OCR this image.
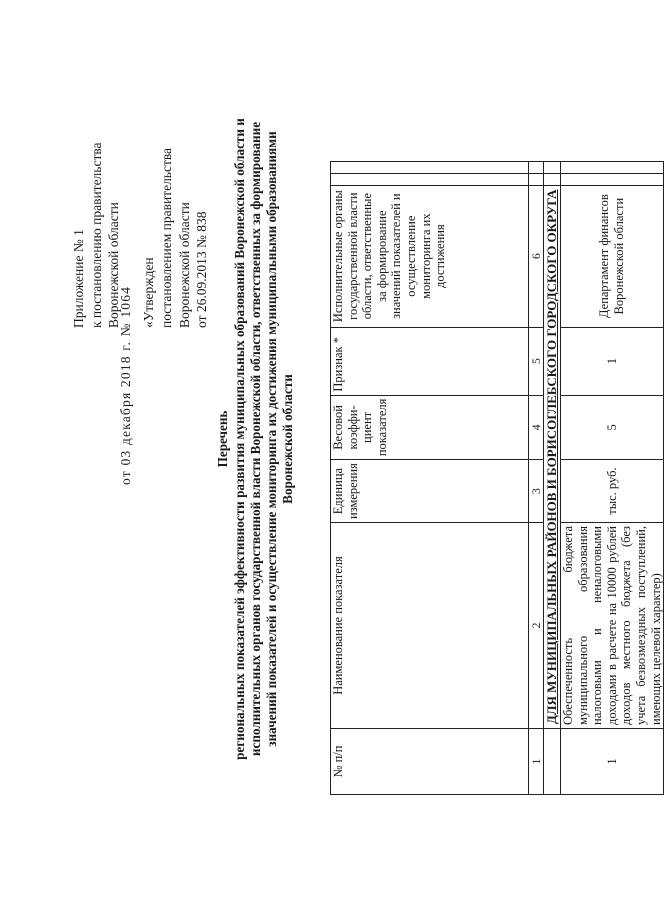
Приложение № 1 к постановлению правительства Воронежской области «Утвержден постановлением правительства Воронежской области от 26.09.2013 № 838
от 03 декабря 2018 г. № 1064	Перечень региональных показателей эффективности развития муниципальных образований Воронежской области и исполнительных органов государственной власти Воронежской области, ответственных за формирование значений показателей и осуществление мониторинга их достижения муниципальными образованиями Воронежской области
№ п/п	Наименование показателя	Единица измерения	Весовой коэффи-циент показателя	Признак *	Исполнительные органы государственной власти области, ответственные за формирование значений показателей и осуществление мониторинга их достижения		
1	2	3	4	5	6		
	ДЛЯ МУНИЦИПАЛЬНЫХ РАЙОНОВ И БОРИСОГЛЕБСКОГО ГОРОДСКОГО ОКРУГА						
1	Обеспеченность бюджета муниципального образования налоговыми и неналоговыми доходами в расчете на 10000 рублей доходов местного бюджета (без учета безвозмездных поступлений, имеющих целевой характер)	тыс. руб.	5	1	Департамент финансов Воронежской области		
